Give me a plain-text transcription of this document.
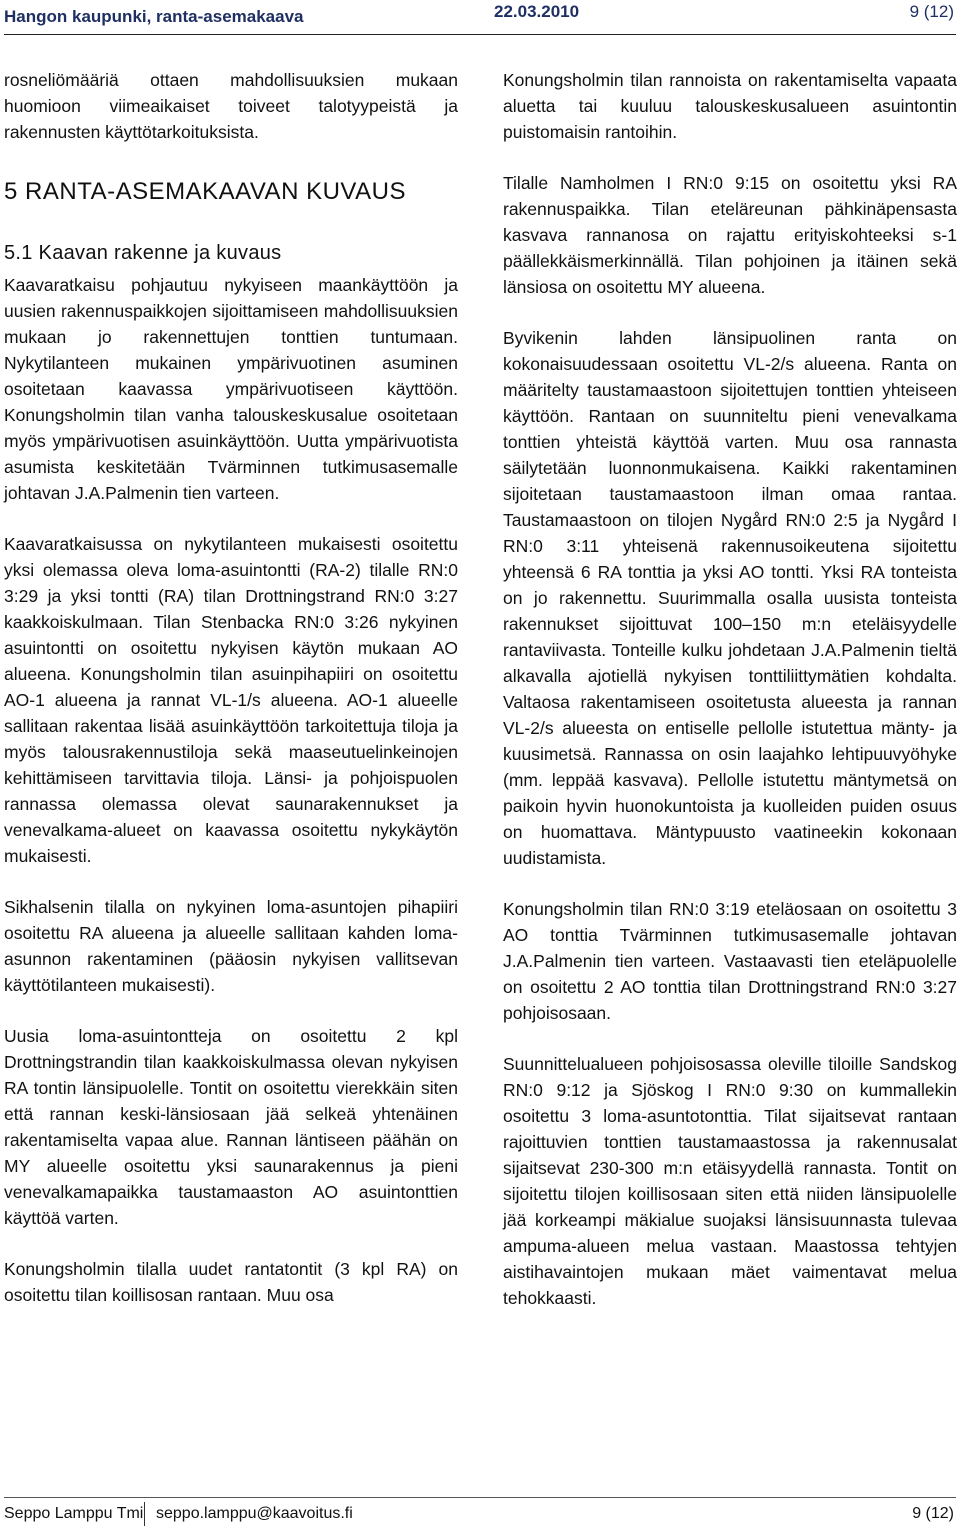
Hangon kaupunki, ranta-asemakaava	22.03.2010	9 (12)

rosneliömääriä ottaen mahdollisuuksien mukaan huomioon viimeaikaiset toiveet talotyypeistä ja rakennusten käyttötarkoituksista.

5 RANTA-ASEMAKAAVAN KUVAUS
5.1 Kaavan rakenne ja kuvaus

Kaavaratkaisu pohjautuu nykyiseen maankäyttöön ja uusien rakennuspaikkojen sijoittamiseen mahdollisuuksien mukaan jo rakennettujen tonttien tuntumaan. Nykytilanteen mukainen ympärivuotinen asuminen osoitetaan kaavassa ympärivuotiseen käyttöön. Konungsholmin tilan vanha talouskeskusalue osoitetaan myös ympärivuotisen asuinkäyttöön. Uutta ympärivuotista asumista keskitetään Tvärminnen tutkimusasemalle johtavan J.A.Palmenin tien varteen.

Kaavaratkaisussa on nykytilanteen mukaisesti osoitettu yksi olemassa oleva loma-asuintontti (RA-2) tilalle RN:0 3:29 ja yksi tontti (RA) tilan Drottningstrand RN:0 3:27 kaakkoiskulmaan. Tilan Stenbacka RN:0 3:26 nykyinen asuintontti on osoitettu nykyisen käytön mukaan AO alueena. Konungsholmin tilan asuinpihapiiri on osoitettu AO-1 alueena ja rannat VL-1/s alueena. AO-1 alueelle sallitaan rakentaa lisää asuinkäyttöön tarkoitettuja tiloja ja myös talousrakennustiloja sekä maaseutuelinkeinojen kehittämiseen tarvittavia tiloja. Länsi- ja pohjoispuolen rannassa olemassa olevat saunarakennukset ja venevalkama-alueet on kaavassa osoitettu nykykäytön mukaisesti.

Sikhalsenin tilalla on nykyinen loma-asuntojen pihapiiri osoitettu RA alueena ja alueelle sallitaan kahden loma-asunnon rakentaminen (pääosin nykyisen vallitsevan käyttötilanteen mukaisesti).

Uusia loma-asuintontteja on osoitettu 2 kpl Drottningstrandin tilan kaakkoiskulmassa olevan nykyisen RA tontin länsipuolelle. Tontit on osoitettu vierekkäin siten että rannan keski-länsiosaan jää selkeä yhtenäinen rakentamiselta vapaa alue. Rannan läntiseen päähän on MY alueelle osoitettu yksi saunarakennus ja pieni venevalkamapaikka taustamaaston AO asuintonttien käyttöä varten.

Konungsholmin tilalla uudet rantatontit (3 kpl RA) on osoitettu tilan koillisosan rantaan. Muu osa

Konungsholmin tilan rannoista on rakentamiselta vapaata aluetta tai kuuluu talouskeskusalueen asuintontin puistomaisin rantoihin.

Tilalle Namholmen I RN:0 9:15 on osoitettu yksi RA rakennuspaikka. Tilan eteläreunan pähkinäpensasta kasvava rannanosa on rajattu erityiskohteeksi s-1 päällekkäismerkinnällä. Tilan pohjoinen ja itäinen sekä länsiosa on osoitettu MY alueena.

Byvikenin lahden länsipuolinen ranta on kokonaisuudessaan osoitettu VL-2/s alueena. Ranta on määritelty taustamaastoon sijoitettujen tonttien yhteiseen käyttöön. Rantaan on suunniteltu pieni venevalkama tonttien yhteistä käyttöä varten. Muu osa rannasta säilytetään luonnonmukaisena. Kaikki rakentaminen sijoitetaan taustamaastoon ilman omaa rantaa. Taustamaastoon on tilojen Nygård RN:0 2:5 ja Nygård I RN:0 3:11 yhteisenä rakennusoikeutena sijoitettu yhteensä 6 RA tonttia ja yksi AO tontti. Yksi RA tonteista on jo rakennettu. Suurimmalla osalla uusista tonteista rakennukset sijoittuvat 100–150 m:n eteläisyydelle rantaviivasta. Tonteille kulku johdetaan J.A.Palmenin tieltä alkavalla ajotiellä nykyisen tonttiliittymätien kohdalta. Valtaosa rakentamiseen osoitetusta alueesta ja rannan VL-2/s alueesta on entiselle pellolle istutettua mänty- ja kuusimetsä. Rannassa on osin laajahko lehtipuuvyöhyke (mm. leppää kasvava). Pellolle istutettu mäntymetsä on paikoin hyvin huonokuntoista ja kuolleiden puiden osuus on huomattava. Mäntypuusto vaatineekin kokonaan uudistamista.

Konungsholmin tilan RN:0 3:19 eteläosaan on osoitettu 3 AO tonttia Tvärminnen tutkimusasemalle johtavan J.A.Palmenin tien varteen. Vastaavasti tien eteläpuolelle on osoitettu 2 AO tonttia tilan Drottningstrand RN:0 3:27 pohjoisosaan.

Suunnittelualueen pohjoisosassa oleville tiloille Sandskog RN:0 9:12 ja Sjöskog I RN:0 9:30 on kummallekin osoitettu 3 loma-asuntotonttia. Tilat sijaitsevat rantaan rajoittuvien tonttien taustamaastossa ja rakennusalat sijaitsevat 230-300 m:n etäisyydellä rannasta. Tontit on sijoitettu tilojen koillisosaan siten että niiden länsipuolelle jää korkeampi mäkialue suojaksi länsisuunnasta tulevaa ampuma-alueen melua vastaan. Maastossa tehtyjen aistihavaintojen mukaan mäet vaimentavat melua tehokkaasti.

Seppo Lamppu Tmi seppo.lamppu@kaavoitus.fi	9 (12)
